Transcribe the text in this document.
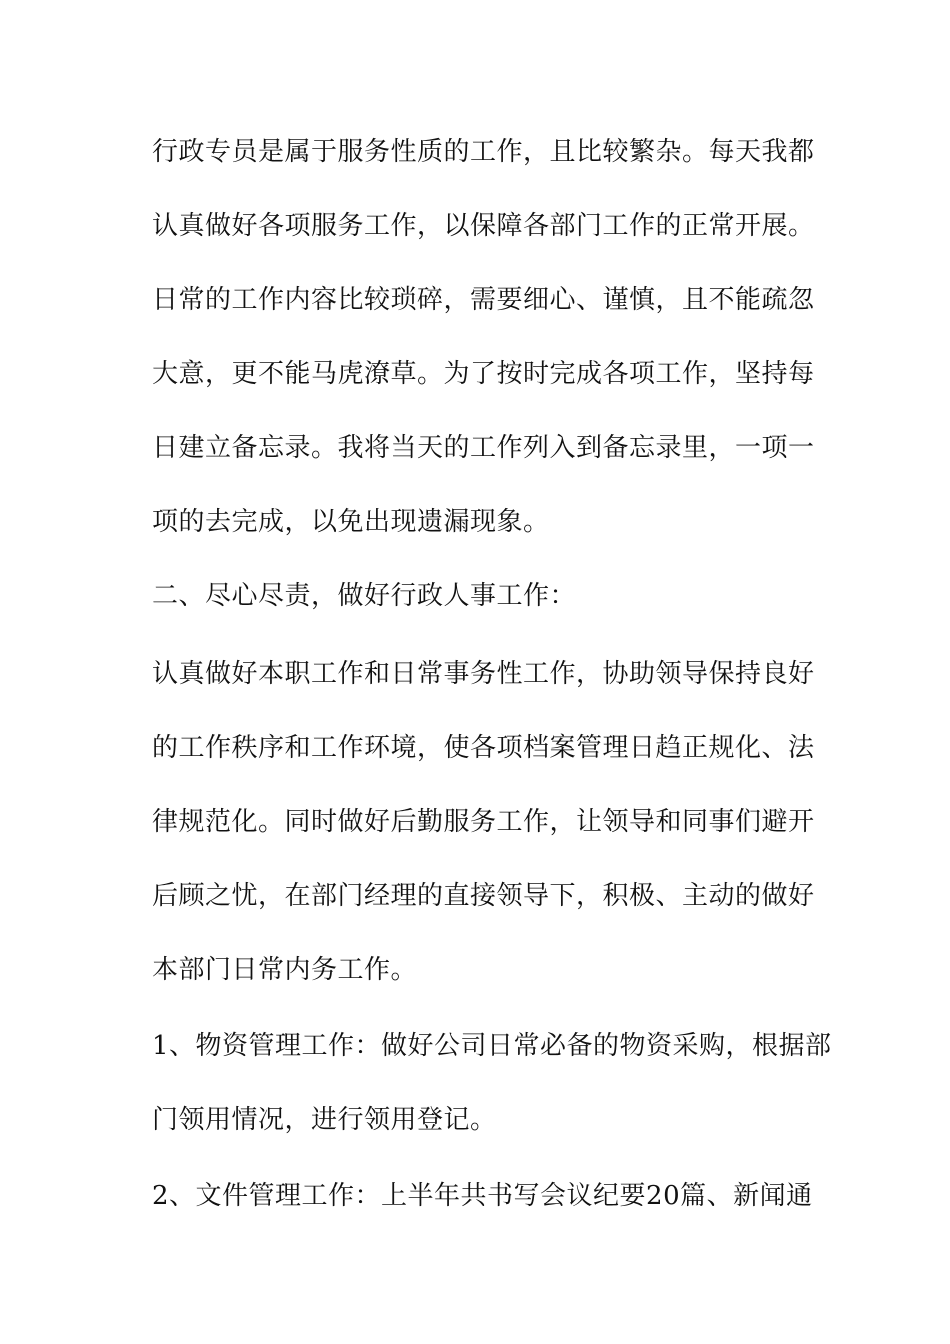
行政专员是属于服务性质的工作，且比较繁杂。每天我都
认真做好各项服务工作，以保障各部门工作的正常开展。
日常的工作内容比较琐碎，需要细心、谨慎，且不能疏忽
大意，更不能马虎潦草。为了按时完成各项工作，坚持每
日建立备忘录。我将当天的工作列入到备忘录里，一项一
项的去完成，以免出现遗漏现象。
二、尽心尽责，做好行政人事工作：
认真做好本职工作和日常事务性工作，协助领导保持良好
的工作秩序和工作环境，使各项档案管理日趋正规化、法
律规范化。同时做好后勤服务工作，让领导和同事们避开
后顾之忧，在部门经理的直接领导下，积极、主动的做好
本部门日常内务工作。
1、物资管理工作：做好公司日常必备的物资采购，根据部
门领用情况，进行领用登记。
2、文件管理工作：上半年共书写会议纪要20篇、新闻通
